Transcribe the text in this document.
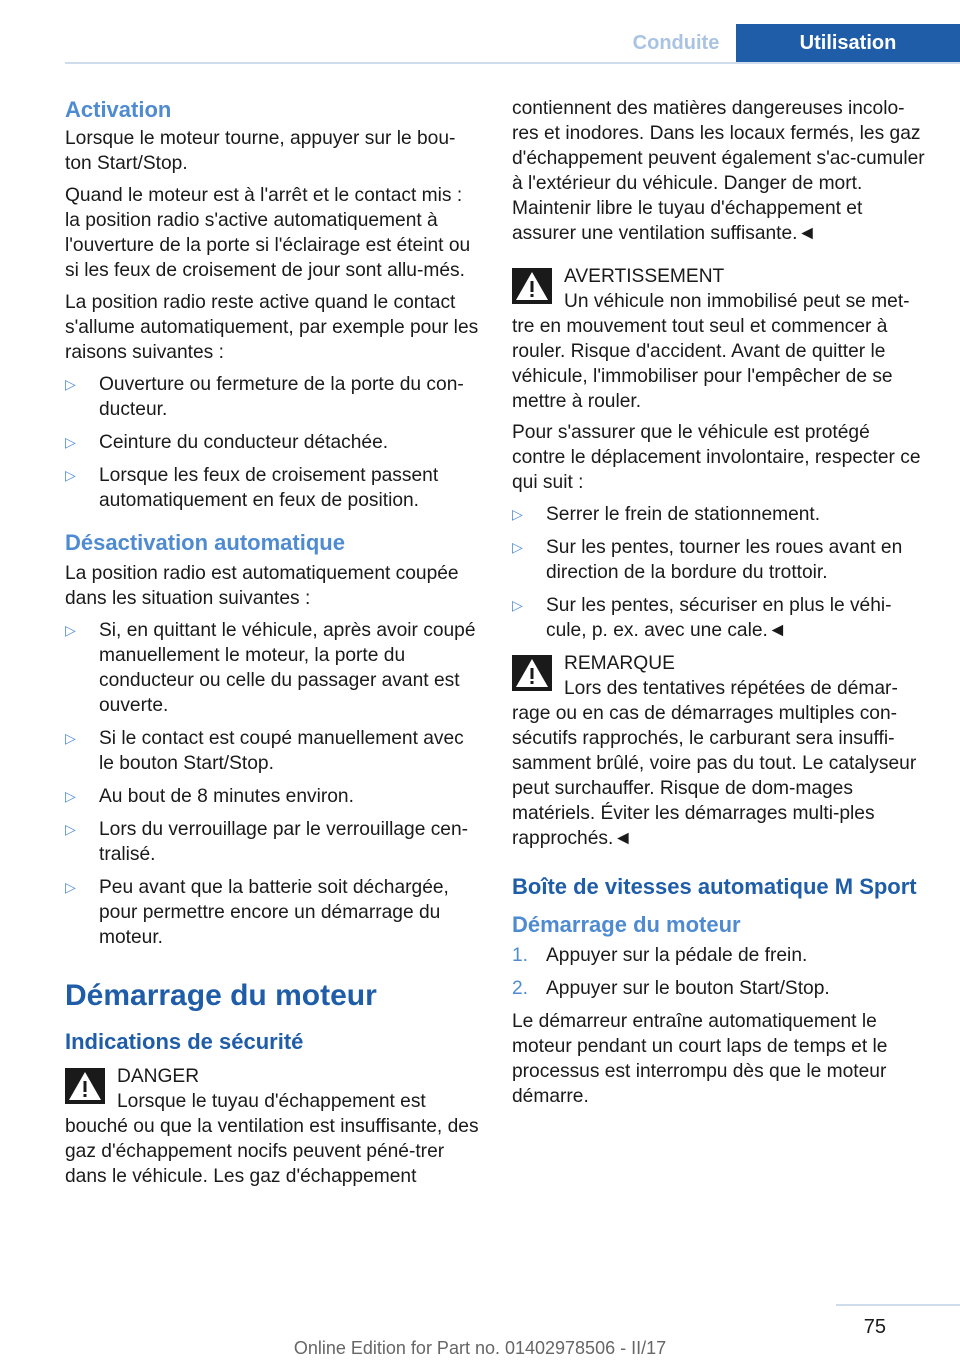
Conduite	Utilisation
Activation

Lorsque le moteur tourne, appuyer sur le bou‐ton Start/Stop.

Quand le moteur est à l'arrêt et le contact mis : la position radio s'active automatiquement à l'ouverture de la porte si l'éclairage est éteint ou si les feux de croisement de jour sont allu‐més.

La position radio reste active quand le contact s'allume automatiquement, par exemple pour les raisons suivantes :

▷ Ouverture ou fermeture de la porte du con‐ducteur.
▷ Ceinture du conducteur détachée.
▷ Lorsque les feux de croisement passent automatiquement en feux de position.
Désactivation automatique

La position radio est automatiquement coupée dans les situation suivantes :

▷ Si, en quittant le véhicule, après avoir coupé manuellement le moteur, la porte du conducteur ou celle du passager avant est ouverte.
▷ Si le contact est coupé manuellement avec le bouton Start/Stop.
▷ Au bout de 8 minutes environ.
▷ Lors du verrouillage par le verrouillage cen‐tralisé.
▷ Peu avant que la batterie soit déchargée, pour permettre encore un démarrage du moteur.
Démarrage du moteur
Indications de sécurité
DANGER
Lorsque le tuyau d'échappement est bouché ou que la ventilation est insuffisante, des gaz d'échappement nocifs peuvent péné‐trer dans le véhicule. Les gaz d'échappement

contiennent des matières dangereuses incolo‐res et inodores. Dans les locaux fermés, les gaz d'échappement peuvent également s'ac‐cumuler à l'extérieur du véhicule. Danger de mort. Maintenir libre le tuyau d'échappement et assurer une ventilation suffisante.◄

AVERTISSEMENT
Un véhicule non immobilisé peut se met‐tre en mouvement tout seul et commencer à rouler. Risque d'accident. Avant de quitter le véhicule, l'immobiliser pour l'empêcher de se mettre à rouler.

Pour s'assurer que le véhicule est protégé contre le déplacement involontaire, respecter ce qui suit :

▷ Serrer le frein de stationnement.
▷ Sur les pentes, tourner les roues avant en direction de la bordure du trottoir.
▷ Sur les pentes, sécuriser en plus le véhi‐cule, p. ex. avec une cale.◄
REMARQUE
Lors des tentatives répétées de démar‐rage ou en cas de démarrages multiples con‐sécutifs rapprochés, le carburant sera insuffi‐samment brûlé, voire pas du tout. Le catalyseur peut surchauffer. Risque de dom‐mages matériels. Éviter les démarrages multi‐ples rapprochés.◄
Boîte de vitesses automatique M Sport
Démarrage du moteur
1. Appuyer sur la pédale de frein.
2. Appuyer sur le bouton Start/Stop.

Le démarreur entraîne automatiquement le moteur pendant un court laps de temps et le processus est interrompu dès que le moteur démarre.

75
Online Edition for Part no. 01402978506 - II/17
